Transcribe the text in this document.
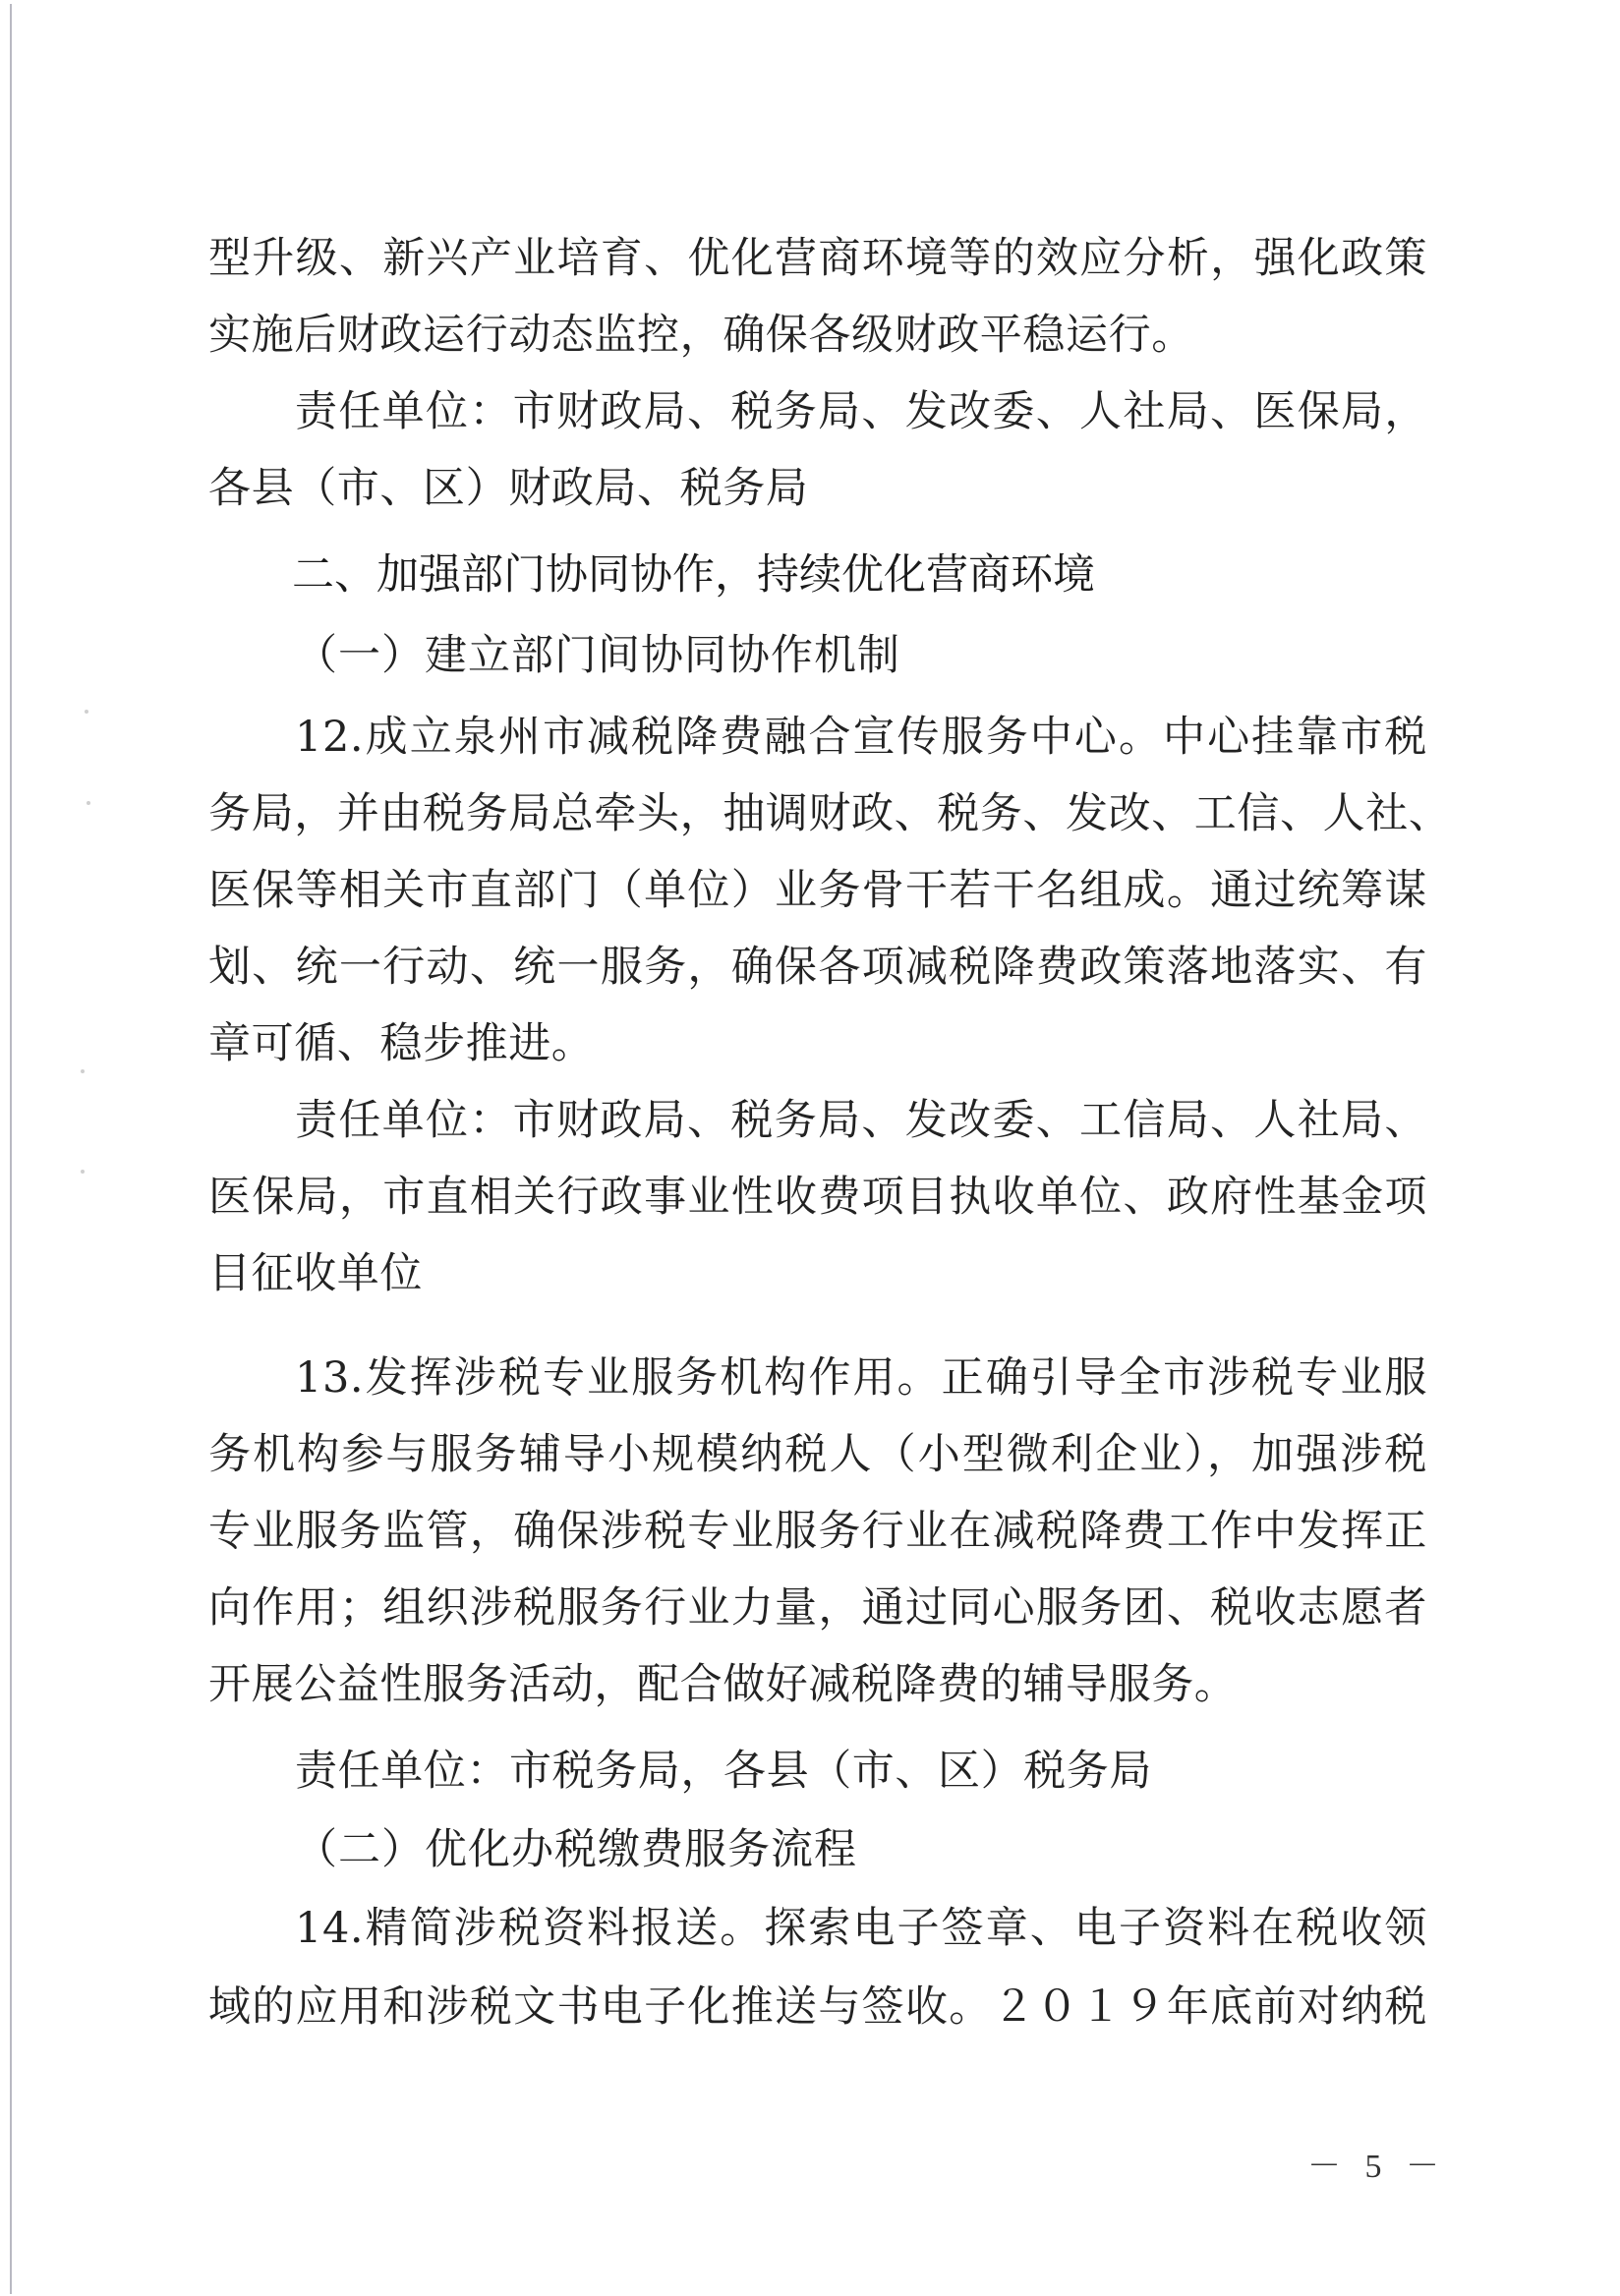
型升级、新兴产业培育、优化营商环境等的效应分析，强化政策
实施后财政运行动态监控，确保各级财政平稳运行。
责任单位：市财政局、税务局、发改委、人社局、医保局，
各县（市、区）财政局、税务局
二、加强部门协同协作，持续优化营商环境
（一）建立部门间协同协作机制
12.成立泉州市减税降费融合宣传服务中心。中心挂靠市税
务局，并由税务局总牵头，抽调财政、税务、发改、工信、人社、
医保等相关市直部门（单位）业务骨干若干名组成。通过统筹谋
划、统一行动、统一服务，确保各项减税降费政策落地落实、有
章可循、稳步推进。
责任单位：市财政局、税务局、发改委、工信局、人社局、
医保局，市直相关行政事业性收费项目执收单位、政府性基金项
目征收单位
13.发挥涉税专业服务机构作用。正确引导全市涉税专业服
务机构参与服务辅导小规模纳税人（小型微利企业），加强涉税
专业服务监管，确保涉税专业服务行业在减税降费工作中发挥正
向作用；组织涉税服务行业力量，通过同心服务团、税收志愿者
开展公益性服务活动，配合做好减税降费的辅导服务。
责任单位：市税务局，各县（市、区）税务局
（二）优化办税缴费服务流程
14.精简涉税资料报送。探索电子签章、电子资料在税收领
域的应用和涉税文书电子化推送与签收。２０１９年底前对纳税
－ 5 －
